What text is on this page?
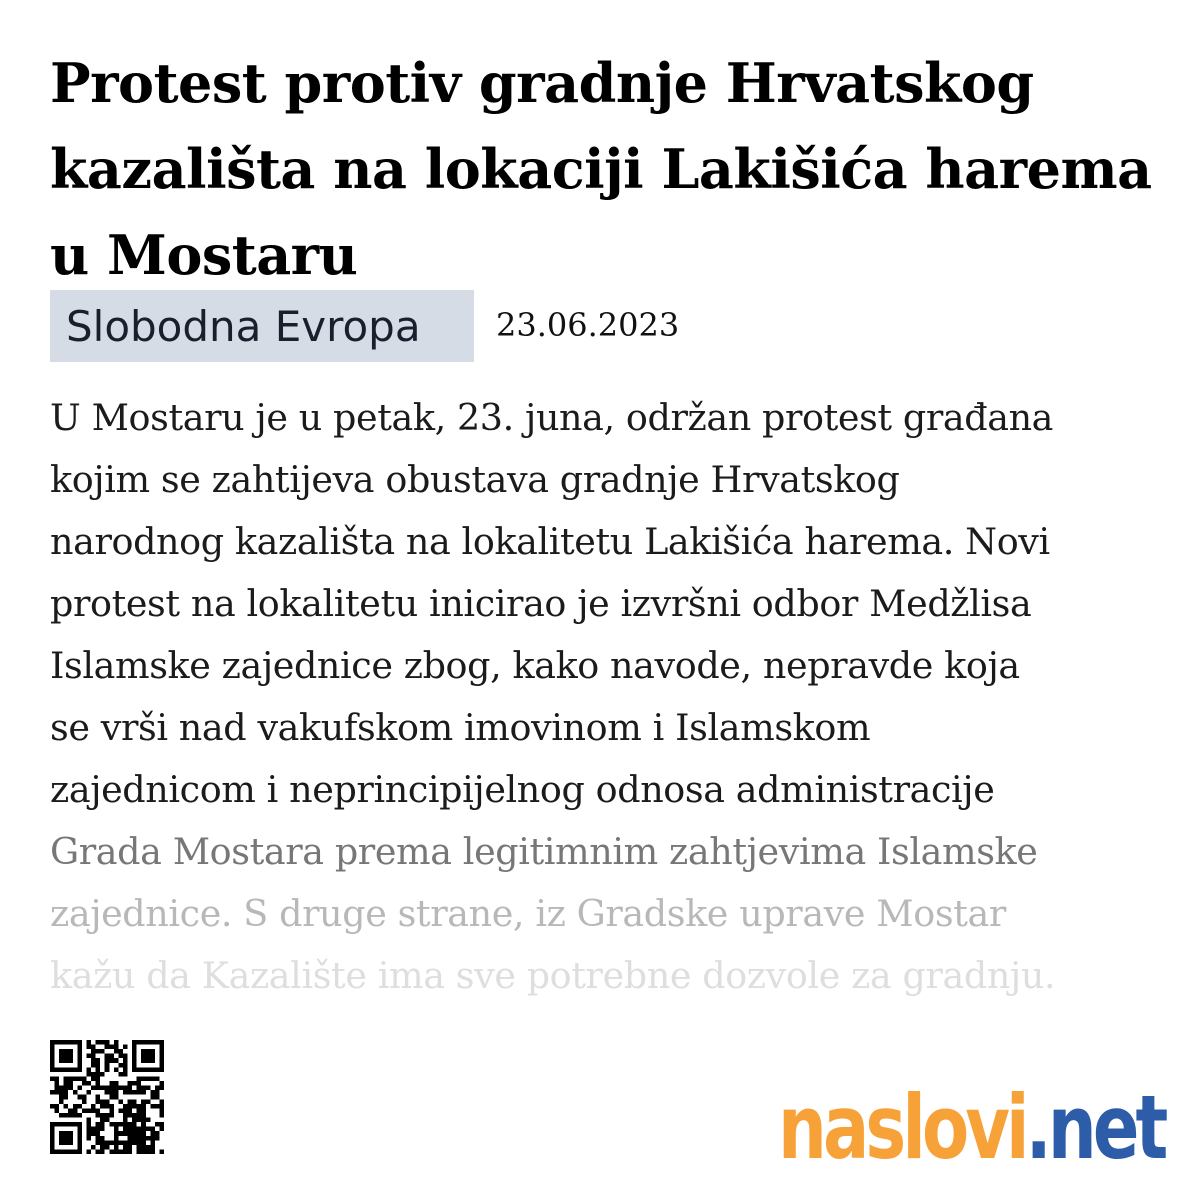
Protest protiv gradnje Hrvatskog kazališta na lokaciji Lakišića harema u Mostaru
Slobodna Evropa	23.06.2023
U Mostaru je u petak, 23. juna, održan protest građana
kojim se zahtijeva obustava gradnje Hrvatskog
narodnog kazališta na lokalitetu Lakišića harema. Novi
protest na lokalitetu inicirao je izvršni odbor Medžlisa
Islamske zajednice zbog, kako navode, nepravde koja
se vrši nad vakufskom imovinom i Islamskom
zajednicom i neprincipijelnog odnosa administracije
Grada Mostara prema legitimnim zahtjevima Islamske
zajednice. S druge strane, iz Gradske uprave Mostar
kažu da Kazalište ima sve potrebne dozvole za gradnju.
naslovi .net
